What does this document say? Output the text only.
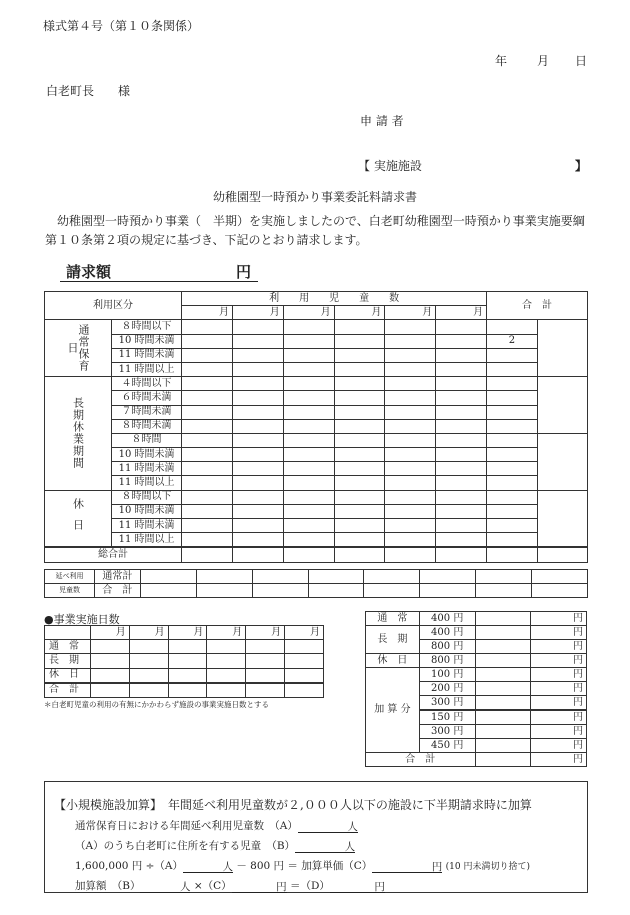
様式第４号（第１０条関係）
年 月 日
白老町長　　様
申 請 者
【 実施施設	】
幼稚園型一時預かり事業委託料請求書
　幼稚園型一時預かり事業（　半期）を実施しましたので、白老町幼稚園型一時預かり事業実施要綱第１０条第２項の規定に基づき、下記のとおり請求します。
請求額	円
利用区分		利　　用　　児　　童　　数						合　計	
		月	月	月	月	月	月		
通常保育日	８時間以下								
	10 時間未満							2	
	11 時間未満								
	11 時間以上								
長期休業期間	４時間以下								
	６時間未満								
	７時間未満								
	８時間未満								
	８時間								
	10 時間未満								
	11 時間未満								
	11 時間以上								
休日	８時間以下								
	10 時間未満								
	11 時間未満								
	11 時間以上								
総合計									
延べ利用	通常計								
児童数	合　計								
●事業実施日数
	月	月	月	月	月	月
通　常						
長　期						
休　日						
合　計						
＊白老町児童の利用の有無にかかわらず施設の事業実施日数とする
通　常	400 円		円
長　期	400 円		円
	800 円		円
休　日	800 円		円
加 算 分	100 円		円
	200 円		円
	300 円		円
	150 円		円
	300 円		円
	450 円		円
合　計			円
【小規模施設加算】　年間延べ利用児童数が２,０００人以下の施設に下半期請求時に加算
通常保育日における年間延べ利用児童数　（A）	人
（A）のうち白老町に住所を有する児童　（B）	人
1,600,000 円 ÷（A）	人 － 800 円 ＝ 加算単価（C）	円 (10 円未満切り捨て)
加算額　（B）	人 ×（C）	円 ＝（D）	円
